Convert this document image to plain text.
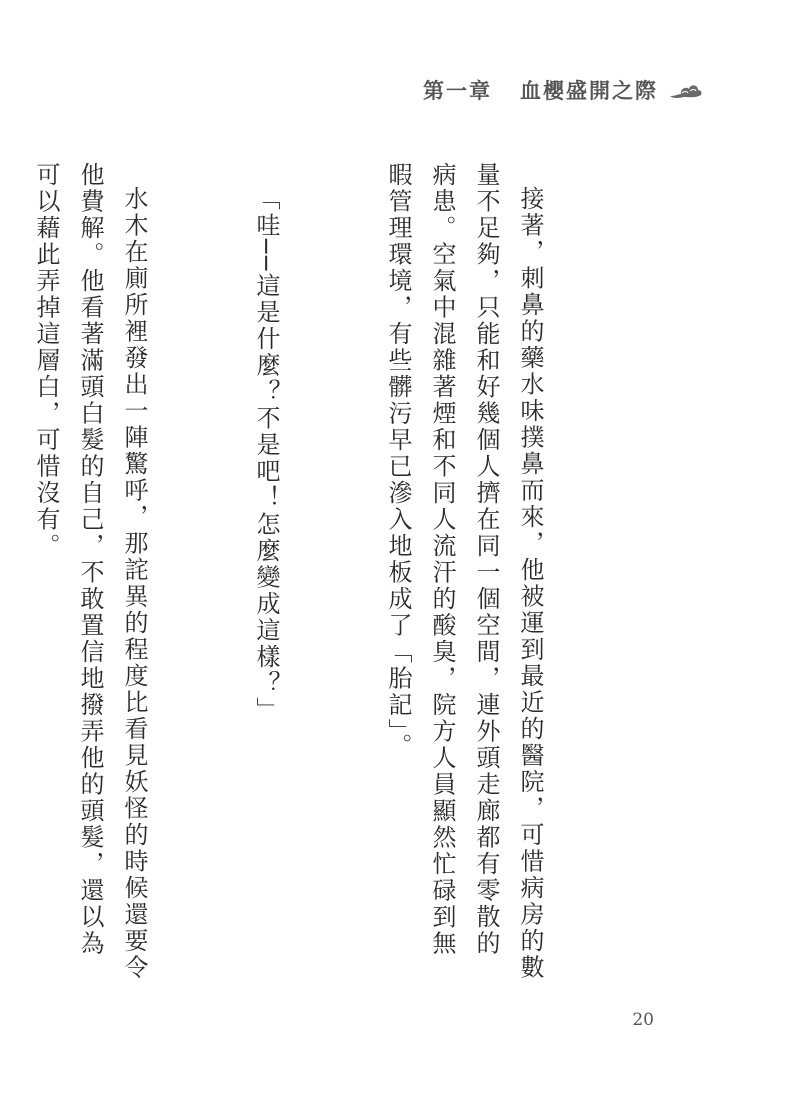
第一章 血櫻盛開之際

接著，刺鼻的藥水味撲鼻而來，他被運到最近的醫院，可惜病房的數量不足夠，只能和好幾個人擠在同一個空間，連外頭走廊都有零散的病患。空氣中混雜著煙和不同人流汗的酸臭，院方人員顯然忙碌到無暇管理環境，有些髒污早已滲入地板成了「胎記」。

「哇──這是什麼？不是吧！怎麼變成這樣？」

水木在廁所裡發出一陣驚呼，那詫異的程度比看見妖怪的時候還要令他費解。他看著滿頭白髮的自己，不敢置信地撥弄他的頭髮，還以為可以藉此弄掉這層白，可惜沒有。

20
